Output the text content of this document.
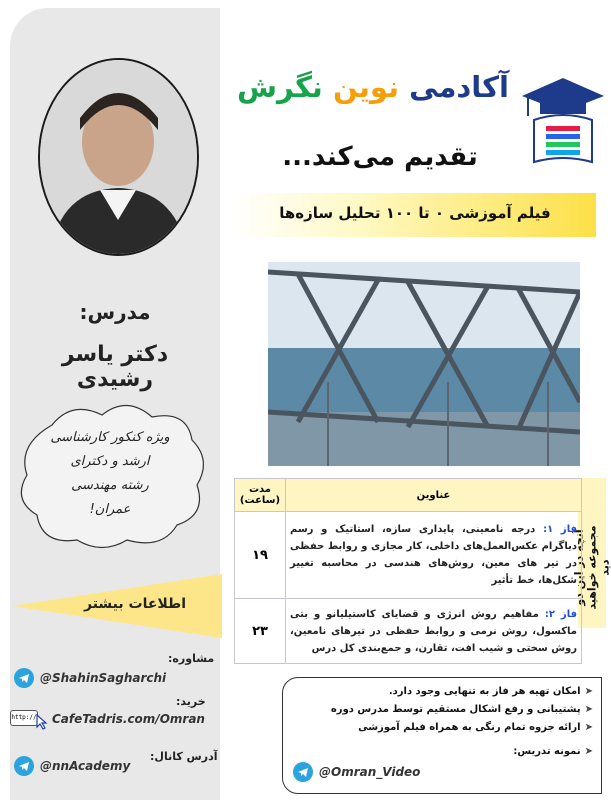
مدرس:
دکتر یاسر رشیدی
ویژه کنکور کارشناسی
ارشد و دکترای
رشته مهندسی
عمران!
اطلاعات بیشتر
مشاوره:
@ShahinSagharchi
خرید:
http:// CafeTadris.com/Omran
آدرس کانال:
@nnAcademy
آکادمی نوین نگرش
تقدیم می‌کند...
فیلم آموزشی ۰ تا ۱۰۰ تحلیل سازه‌ها
آنچه در این دو مجموعه خواهید دید
عناوین	مدت
(ساعت)

فاز ۱: درجه نامعینی، پایداری سازه، استاتیک و رسم دیاگرام عکس‌العمل‌های داخلی، کار مجازی و روابط حفظی در تیر های معین، روش‌های هندسی در محاسبه تغییر شکل‌ها، خط تأثیر	۱۹
فاز ۲: مفاهیم روش انرژی و قضایای کاستیلیانو و بتی ماکسول، روش نرمی و روابط حفظی در تیرهای نامعین، روش سختی و شیب افت، تقارن، و جمع‌بندی کل درس	۲۳
➤امکان تهیه هر فاز به تنهایی وجود دارد.
➤پشتیبانی و رفع اشکال مستقیم توسط مدرس دوره
➤ارائه جزوه تمام رنگی به همراه فیلم آموزشی
➤نمونه تدریس:
@Omran_Video
